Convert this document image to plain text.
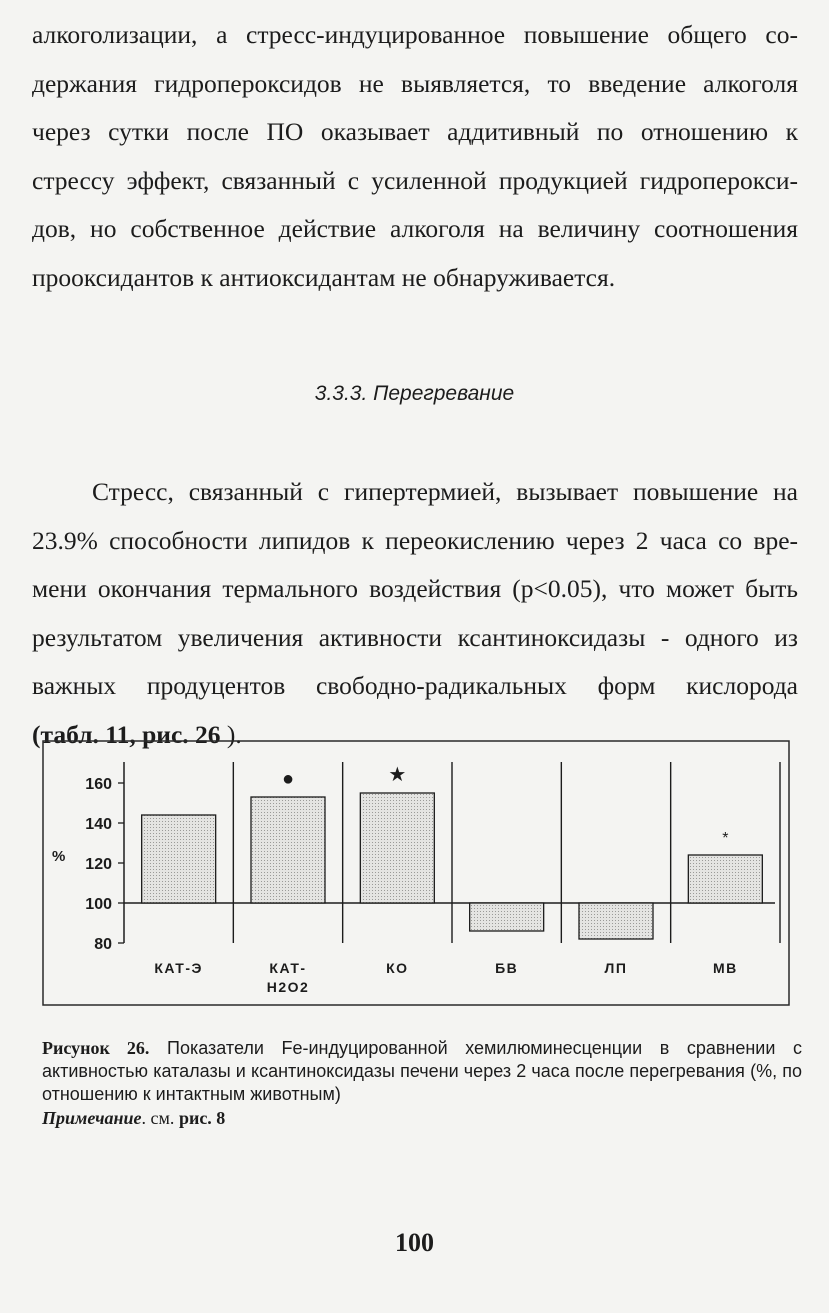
алкоголизации, а стресс-индуцированное повышение общего со-
держания гидропероксидов не выявляется, то введение алкоголя
через сутки после ПО оказывает аддитивный по отношению к
стрессу эффект, связанный с усиленной продукцией гидроперокси-
дов, но собственное действие алкоголя на величину соотношения
прооксидантов к антиоксидантам не обнаруживается.
3.3.3. Перегревание
Стресс, связанный с гипертермией, вызывает повышение на
23.9% способности липидов к переокислению через 2 часа со вре-
мени окончания термального воздействия (p<0.05), что может быть
результатом увеличения активности ксантиноксидазы - одного из
важных продуцентов свободно-радикальных форм кислорода
(табл. 11, рис. 26 ).
80
100
120
140
160
%
КАТ-Э
●
КАТ-
Н2О2
★
КО	БВ	ЛП
*
МВ
Рисунок 26. Показатели Fe-индуцированной хемилюминесценции в сравнении с активностью каталазы и ксантиноксидазы печени через 2 часа после перегревания (%, по отношению к интактным животным)
Примечание. см. рис. 8
100
